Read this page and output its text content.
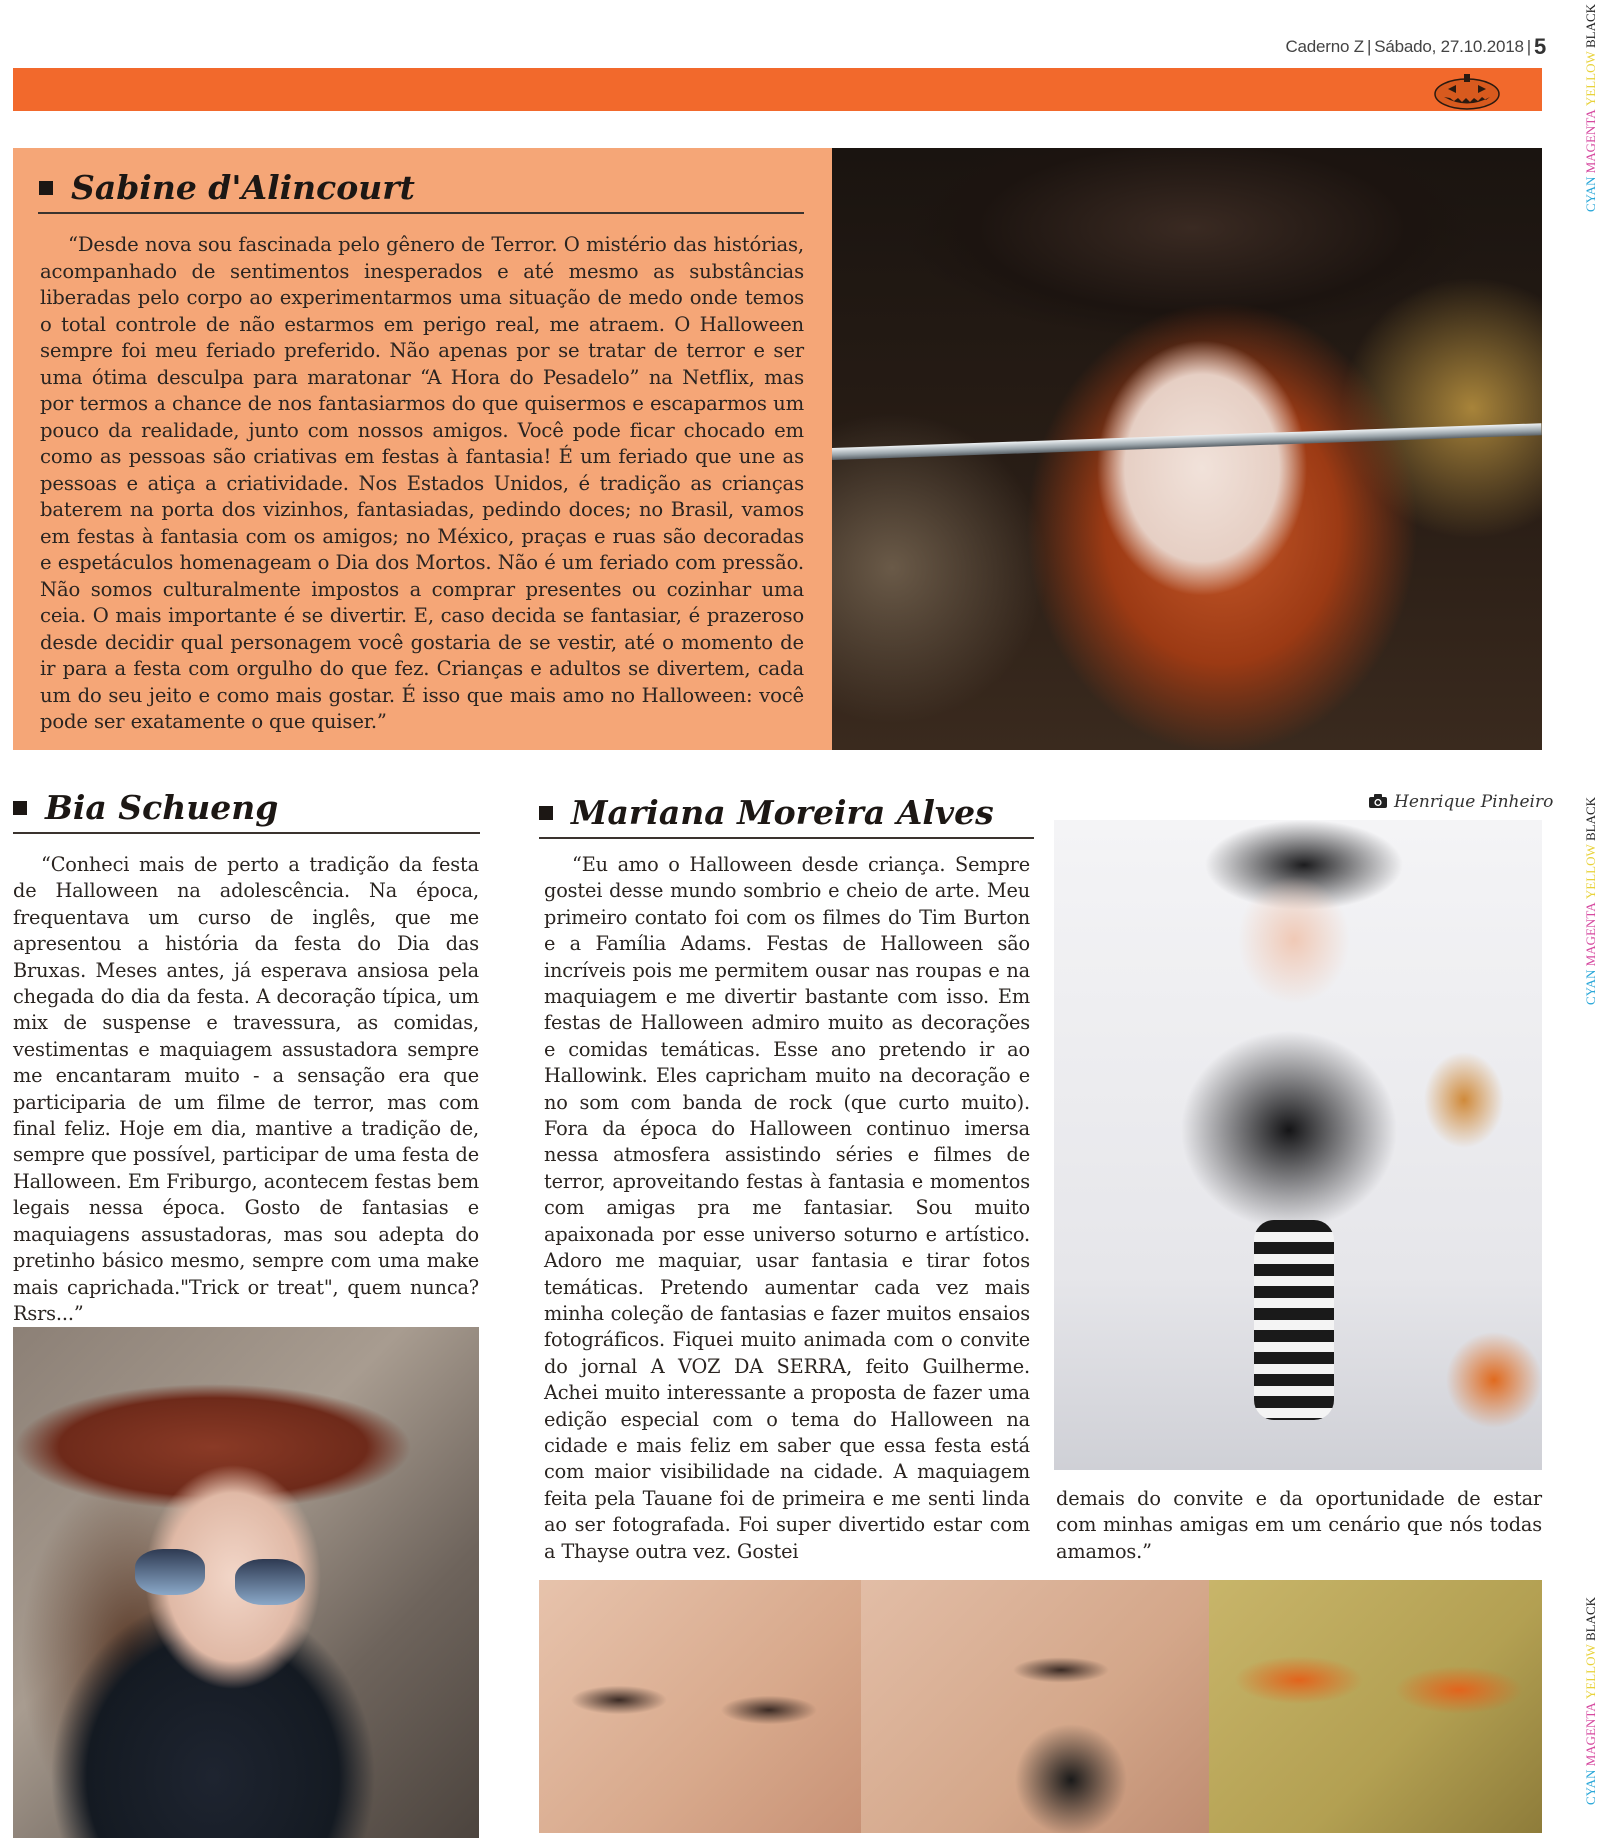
Caderno Z | Sábado, 27.10.2018 | 5
CYAN MAGENTA YELLOW BLACK
CYAN MAGENTA YELLOW BLACK
CYAN MAGENTA YELLOW BLACK
Sabine d'Alincourt
“Desde nova sou fascinada pelo gênero de Terror. O mistério das histórias, acompanhado de sentimentos inesperados e até mesmo as substâncias liberadas pelo corpo ao experimentarmos uma situação de medo onde temos o total controle de não estarmos em perigo real, me atraem. O Halloween sempre foi meu feriado preferido. Não apenas por se tratar de terror e ser uma ótima desculpa para maratonar “A Hora do Pesadelo” na Netflix, mas por termos a chance de nos fantasiarmos do que quisermos e escaparmos um pouco da realidade, junto com nossos amigos. Você pode ficar chocado em como as pessoas são criativas em festas à fantasia! É um feriado que une as pessoas e atiça a criatividade. Nos Estados Unidos, é tradição as crianças baterem na porta dos vizinhos, fantasiadas, pedindo doces; no Brasil, vamos em festas à fantasia com os amigos; no México, praças e ruas são decoradas e espetáculos homenageam o Dia dos Mortos. Não é um feriado com pressão. Não somos culturalmente impostos a comprar presentes ou cozinhar uma ceia. O mais importante é se divertir. E, caso decida se fantasiar, é prazeroso desde decidir qual personagem você gostaria de se vestir, até o momento de ir para a festa com orgulho do que fez. Crianças e adultos se divertem, cada um do seu jeito e como mais gostar. É isso que mais amo no Halloween: você pode ser exatamente o que quiser.”
Bia Schueng
“Conheci mais de perto a tradição da festa de Halloween na adolescência. Na época, frequentava um curso de inglês, que me apresentou a história da festa do Dia das Bruxas. Meses antes, já esperava ansiosa pela chegada do dia da festa. A decoração típica, um mix de suspense e travessura, as comidas, vestimentas e maquiagem assustadora sempre me encantaram muito - a sensação era que participaria de um filme de terror, mas com final feliz. Hoje em dia, mantive a tradição de, sempre que possível, participar de uma festa de Halloween. Em Friburgo, acontecem festas bem legais nessa época. Gosto de fantasias e maquiagens assustadoras, mas sou adepta do pretinho básico mesmo, sempre com uma make mais caprichada."Trick or treat", quem nunca? Rsrs...”
Mariana Moreira Alves
“Eu amo o Halloween desde criança. Sempre gostei desse mundo sombrio e cheio de arte. Meu primeiro contato foi com os filmes do Tim Burton e a Família Adams. Festas de Halloween são incríveis pois me permitem ousar nas roupas e na maquiagem e me divertir bastante com isso. Em festas de Halloween admiro muito as decorações e comidas temáticas. Esse ano pretendo ir ao Hallowink. Eles capricham muito na decoração e no som com banda de rock (que curto muito). Fora da época do Halloween continuo imersa nessa atmosfera assistindo séries e filmes de terror, aproveitando festas à fantasia e momentos com amigas pra me fantasiar. Sou muito apaixonada por esse universo soturno e artístico. Adoro me maquiar, usar fantasia e tirar fotos temáticas. Pretendo aumentar cada vez mais minha coleção de fantasias e fazer muitos ensaios fotográficos. Fiquei muito animada com o convite do jornal A VOZ DA SERRA, feito Guilherme. Achei muito interessante a proposta de fazer uma edição especial com o tema do Halloween na cidade e mais feliz em saber que essa festa está com maior visibilidade na cidade. A maquiagem feita pela Tauane foi de primeira e me senti linda ao ser fotografada. Foi super divertido estar com a Thayse outra vez. Gostei
Henrique Pinheiro
demais do convite e da oportunidade de estar com minhas amigas em um cenário que nós todas amamos.”
